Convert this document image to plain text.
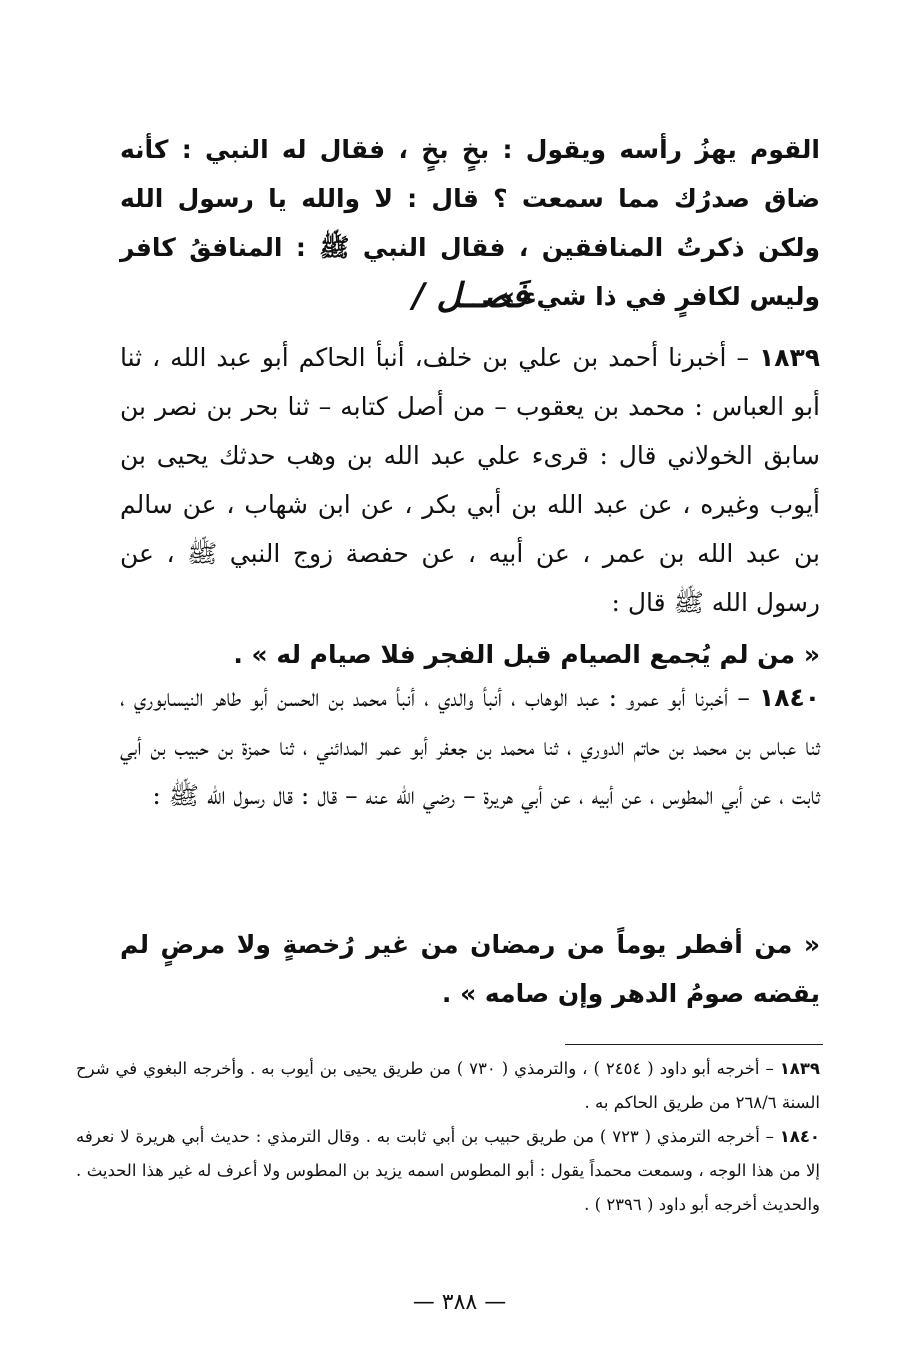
القوم يهزُ رأسه ويقول : بخٍ بخٍ ، فقال له النبي : كأنه ضاق صدرُك مما سمعت ؟ قال : لا والله يا رسول الله ولكن ذكرتُ المنافقين ، فقال النبي ﷺ : المنافقُ كافر وليس لكافرٍ في ذا شيء » .

فَصــل /

١٨٣٩ – أخبرنا أحمد بن علي بن خلف، أنبأ الحاكم أبو عبد الله ، ثنا أبو العباس : محمد بن يعقوب – من أصل كتابه – ثنا بحر بن نصر بن سابق الخولاني قال : قرىء علي عبد الله بن وهب حدثك يحيى بن أيوب وغيره ، عن عبد الله بن أبي بكر ، عن ابن شهاب ، عن سالم بن عبد الله بن عمر ، عن أبيه ، عن حفصة زوج النبي ﷺ ، عن رسول الله ﷺ قال :

« من لم يُجمع الصيام قبل الفجر فلا صيام له » .

١٨٤٠ – أخبرنا أبو عمرو : عبد الوهاب ، أنبأ والدي ، أنبأ محمد بن الحسن أبو طاهر النيسابوري ، ثنا عباس بن محمد بن حاتم الدوري ، ثنا محمد بن جعفر أبو عمر المدائني ، ثنا حمزة بن حبيب بن أبي ثابت ، عن أبي المطوس ، عن أبيه ، عن أبي هريرة – رضي الله عنه – قال : قال رسول الله ﷺ :

« من أفطر يوماً من رمضان من غير رُخصةٍ ولا مرضٍ لم يقضه صومُ الدهر وإن صامه » .

١٨٣٩ – أخرجه أبو داود ( ٢٤٥٤ ) ، والترمذي ( ٧٣٠ ) من طريق يحيى بن أيوب به . وأخرجه البغوي في شرح السنة ٢٦٨/٦ من طريق الحاكم به .

١٨٤٠ – أخرجه الترمذي ( ٧٢٣ ) من طريق حبيب بن أبي ثابت به . وقال الترمذي : حديث أبي هريرة لا نعرفه إلا من هذا الوجه ، وسمعت محمداً يقول : أبو المطوس اسمه يزيد بن المطوس ولا أعرف له غير هذا الحديث . والحديث أخرجه أبو داود ( ٢٣٩٦ ) .

— ٣٨٨ —
